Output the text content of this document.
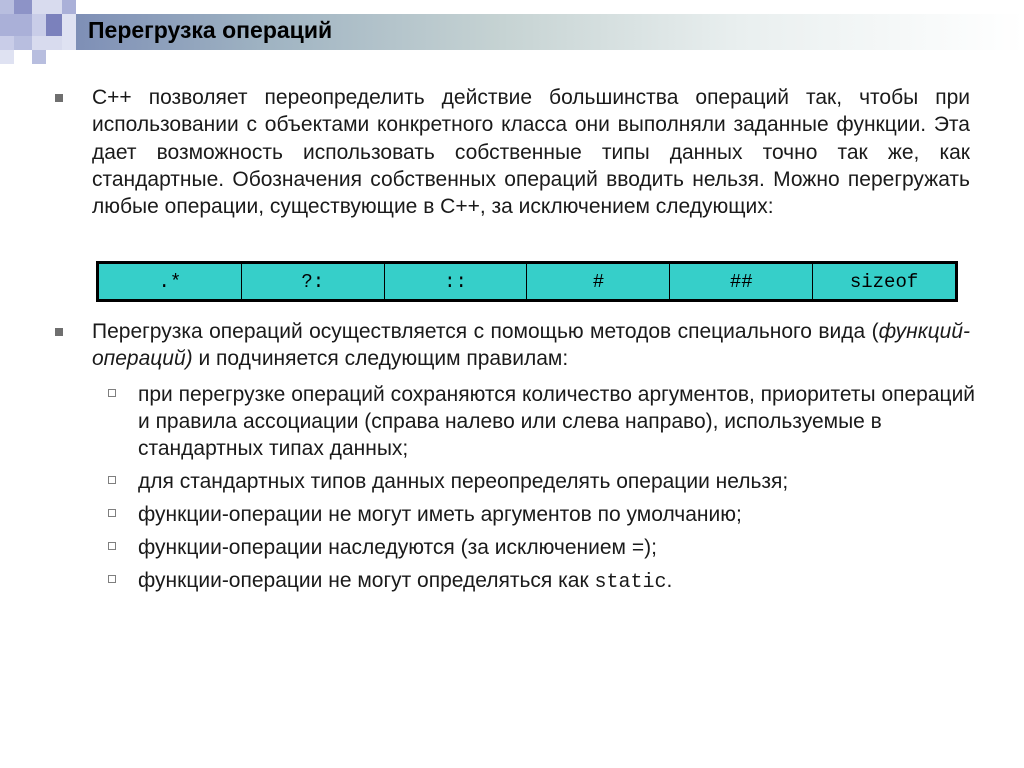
Перегрузка операций
C++ позволяет переопределить действие большинства операций так, чтобы при использовании с объектами конкретного класса они выполняли заданные функции. Эта дает возможность использовать собственные типы данных точно так же, как стандартные. Обозначения собственных операций вводить нельзя. Можно перегружать любые операции, существующие в C++, за исключением следующих:
.*	?:	::	#	##	sizeof
Перегрузка операций осуществляется с помощью методов специального вида (функций-операций) и подчиняется следующим правилам:
при перегрузке операций сохраняются количество аргументов, приоритеты операций и правила ассоциации (справа налево или слева направо), используемые в стандартных типах данных;
для стандартных типов данных переопределять операции нельзя;
функции-операции не могут иметь аргументов по умолчанию;
функции-операции наследуются (за исключением =);
функции-операции не могут определяться как static.
